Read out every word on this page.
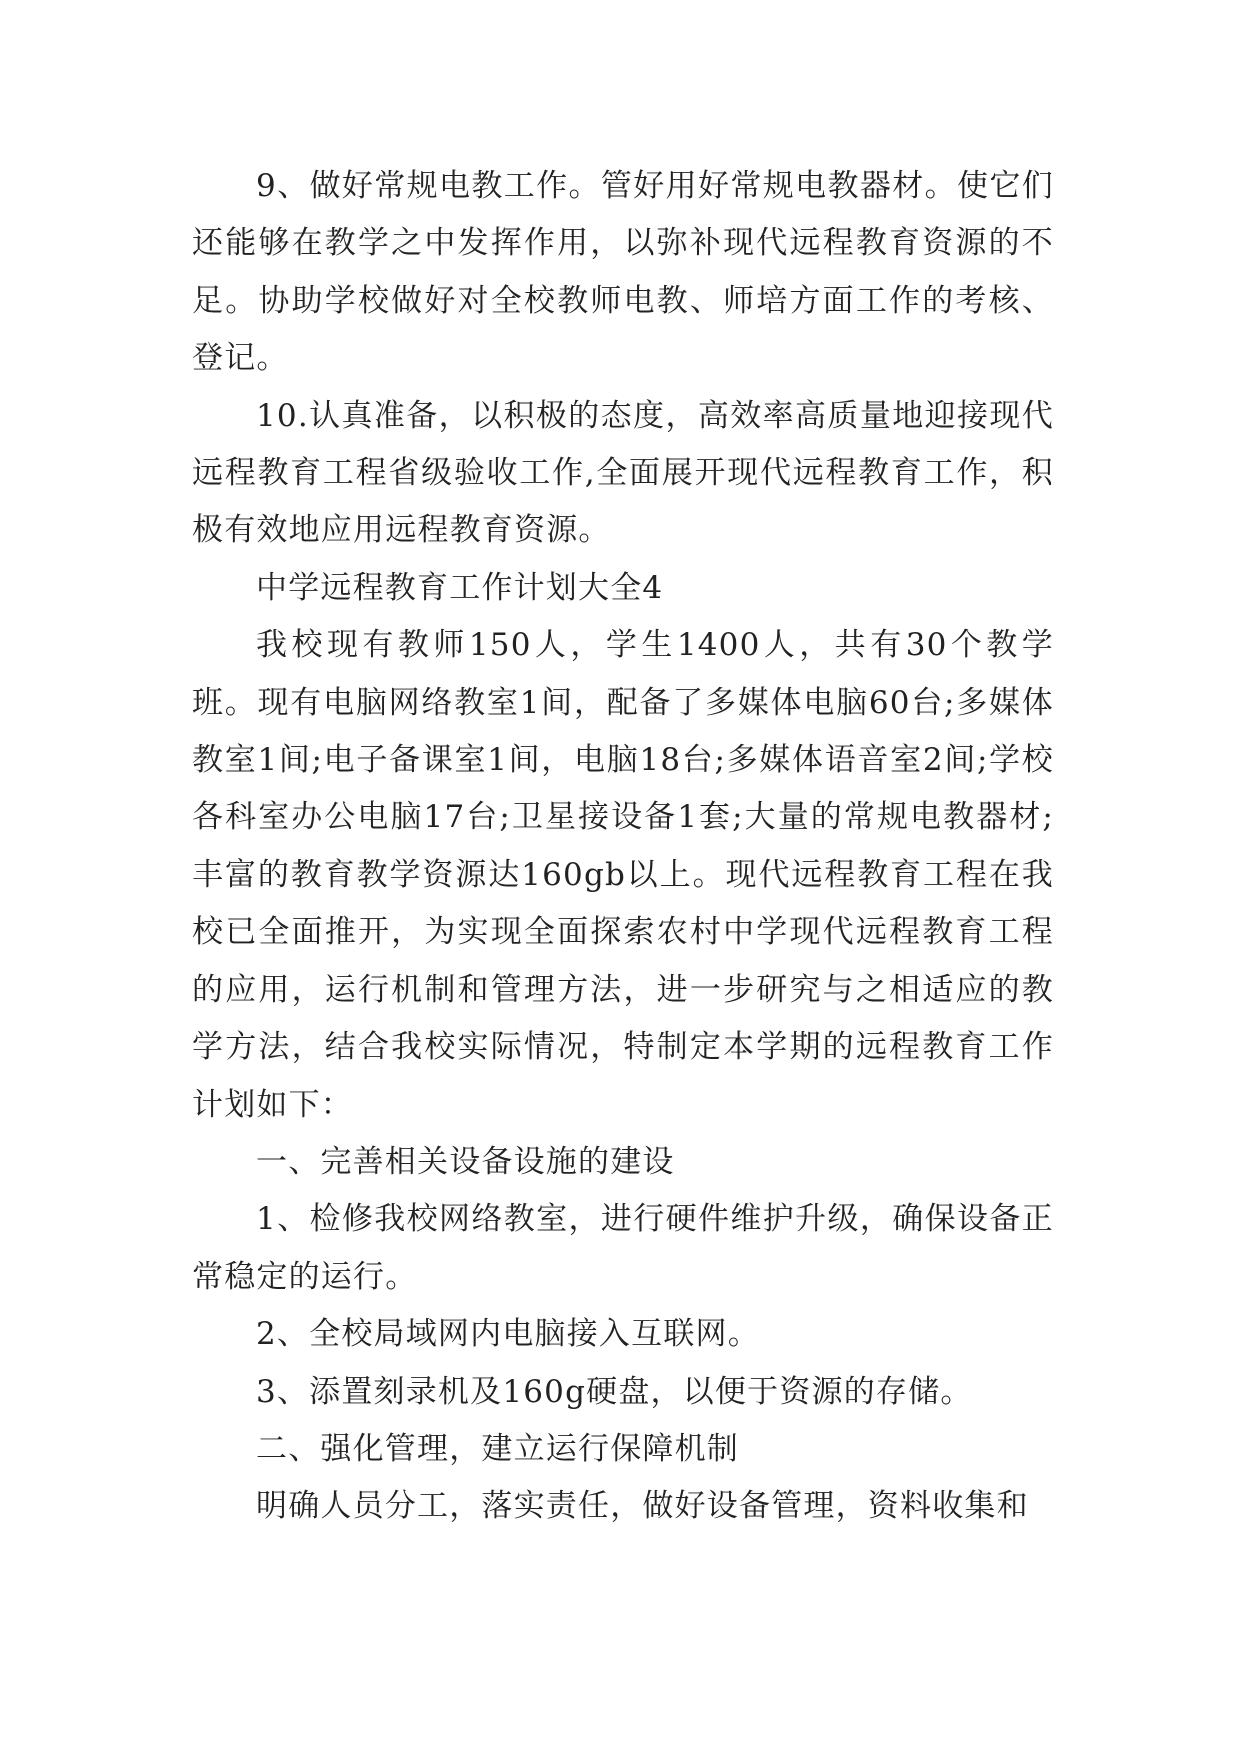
9、做好常规电教工作。管好用好常规电教器材。使它们还能够在教学之中发挥作用，以弥补现代远程教育资源的不足。协助学校做好对全校教师电教、师培方面工作的考核、登记。

10.认真准备，以积极的态度，高效率高质量地迎接现代远程教育工程省级验收工作,全面展开现代远程教育工作，积极有效地应用远程教育资源。

中学远程教育工作计划大全4

我校现有教师150人，学生1400人，共有30个教学班。现有电脑网络教室1间，配备了多媒体电脑60台;多媒体教室1间;电子备课室1间，电脑18台;多媒体语音室2间;学校各科室办公电脑17台;卫星接设备1套;大量的常规电教器材;丰富的教育教学资源达160gb以上。现代远程教育工程在我校已全面推开，为实现全面探索农村中学现代远程教育工程的应用，运行机制和管理方法，进一步研究与之相适应的教学方法，结合我校实际情况，特制定本学期的远程教育工作计划如下：

一、完善相关设备设施的建设

1、检修我校网络教室，进行硬件维护升级，确保设备正常稳定的运行。

2、全校局域网内电脑接入互联网。

3、添置刻录机及160g硬盘，以便于资源的存储。

二、强化管理，建立运行保障机制

明确人员分工，落实责任，做好设备管理，资料收集和
